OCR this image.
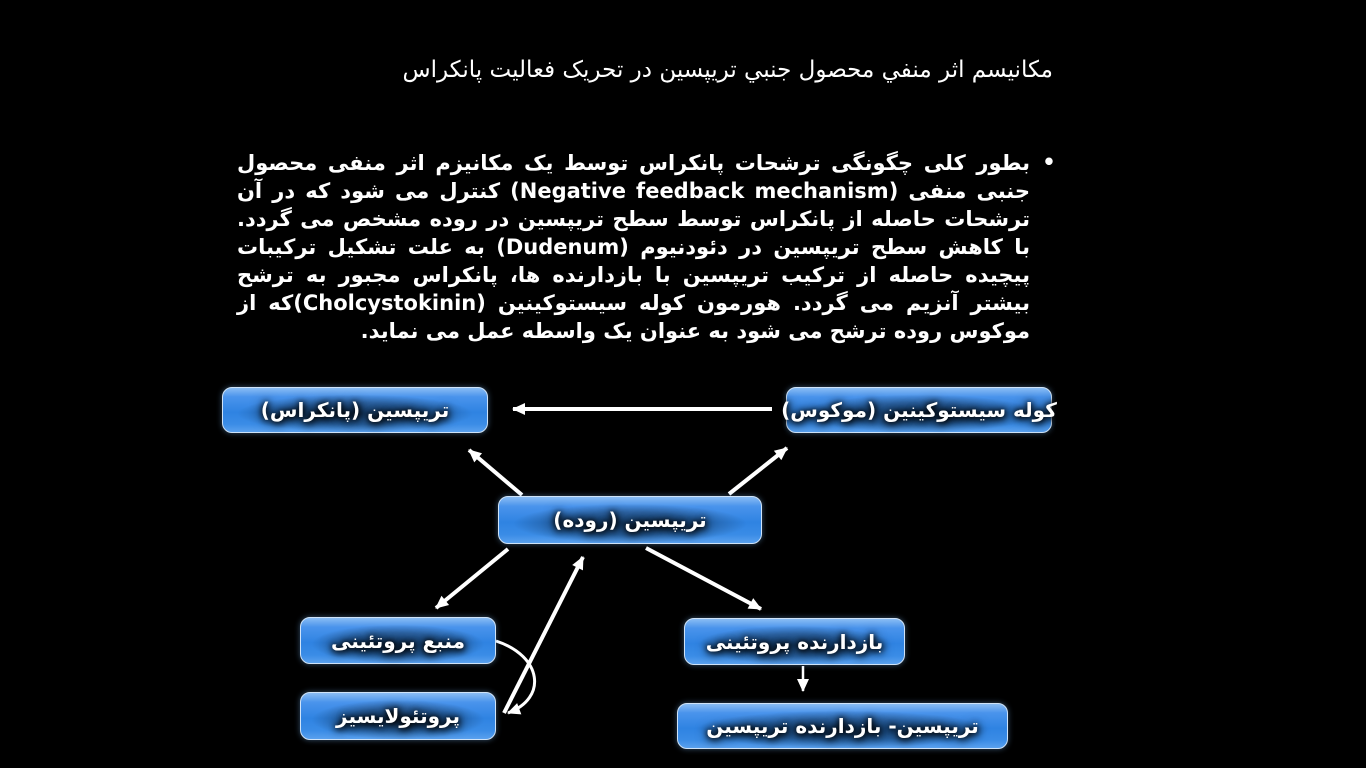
مکانیسم اثر منفي محصول جنبي تریپسین در تحریک فعالیت پانکراس
•
بطور کلی چگونگی ترشحات پانکراس توسط یک مکانیزم اثر منفی محصول جنبی منفی (Negative feedback mechanism) کنترل می شود که در آن ترشحات حاصله از پانکراس توسط سطح تریپسین در روده مشخص می گردد. با کاهش سطح تریپسین در دئودنیوم (Dudenum) به علت تشکیل ترکیبات پیچیده حاصله از ترکیب تریپسین با بازدارنده ها، پانکراس مجبور به ترشح بیشتر آنزیم می گردد. هورمون کوله سیستوکینین (Cholcystokinin)که از موکوس روده ترشح می شود به عنوان یک واسطه عمل می نماید.
تریپسین (پانکراس)	کوله سیستوکینین (موکوس)
تریپسین (روده)
منبع پروتئینی
پروتئولایسیز
بازدارنده پروتئینی
تریپسین- بازدارنده تریپسین
